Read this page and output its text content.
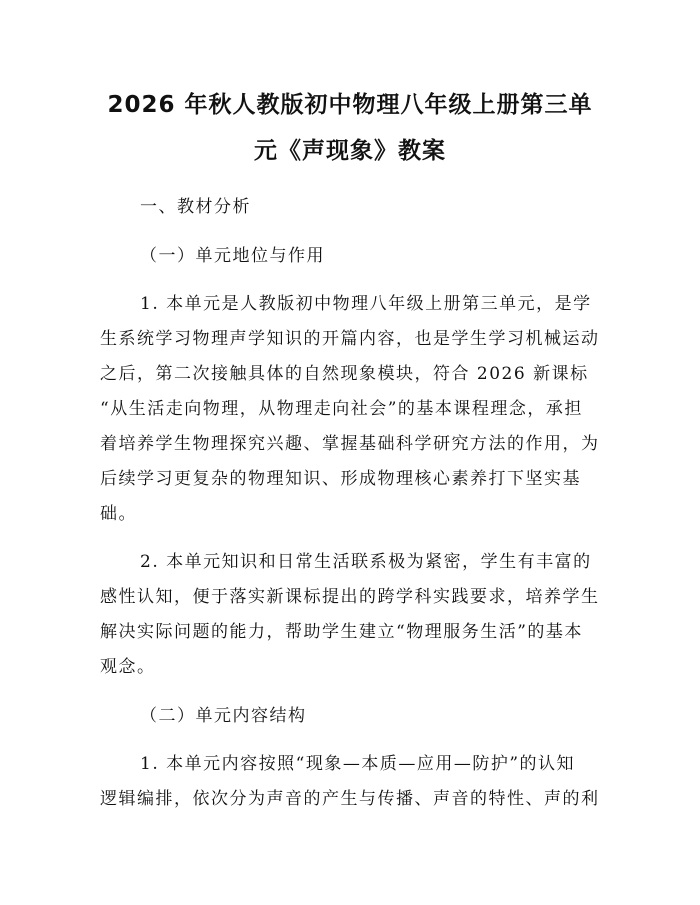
2026 年秋人教版初中物理八年级上册第三单
元《声现象》教案
一、教材分析
（一）单元地位与作用
1. 本单元是人教版初中物理八年级上册第三单元，是学
生系统学习物理声学知识的开篇内容，也是学生学习机械运动
之后，第二次接触具体的自然现象模块，符合 2026 新课标
“从生活走向物理，从物理走向社会”的基本课程理念，承担
着培养学生物理探究兴趣、掌握基础科学研究方法的作用，为
后续学习更复杂的物理知识、形成物理核心素养打下坚实基
础。
2. 本单元知识和日常生活联系极为紧密，学生有丰富的
感性认知，便于落实新课标提出的跨学科实践要求，培养学生
解决实际问题的能力，帮助学生建立“物理服务生活”的基本
观念。
（二）单元内容结构
1. 本单元内容按照“现象—本质—应用—防护”的认知
逻辑编排，依次分为声音的产生与传播、声音的特性、声的利
